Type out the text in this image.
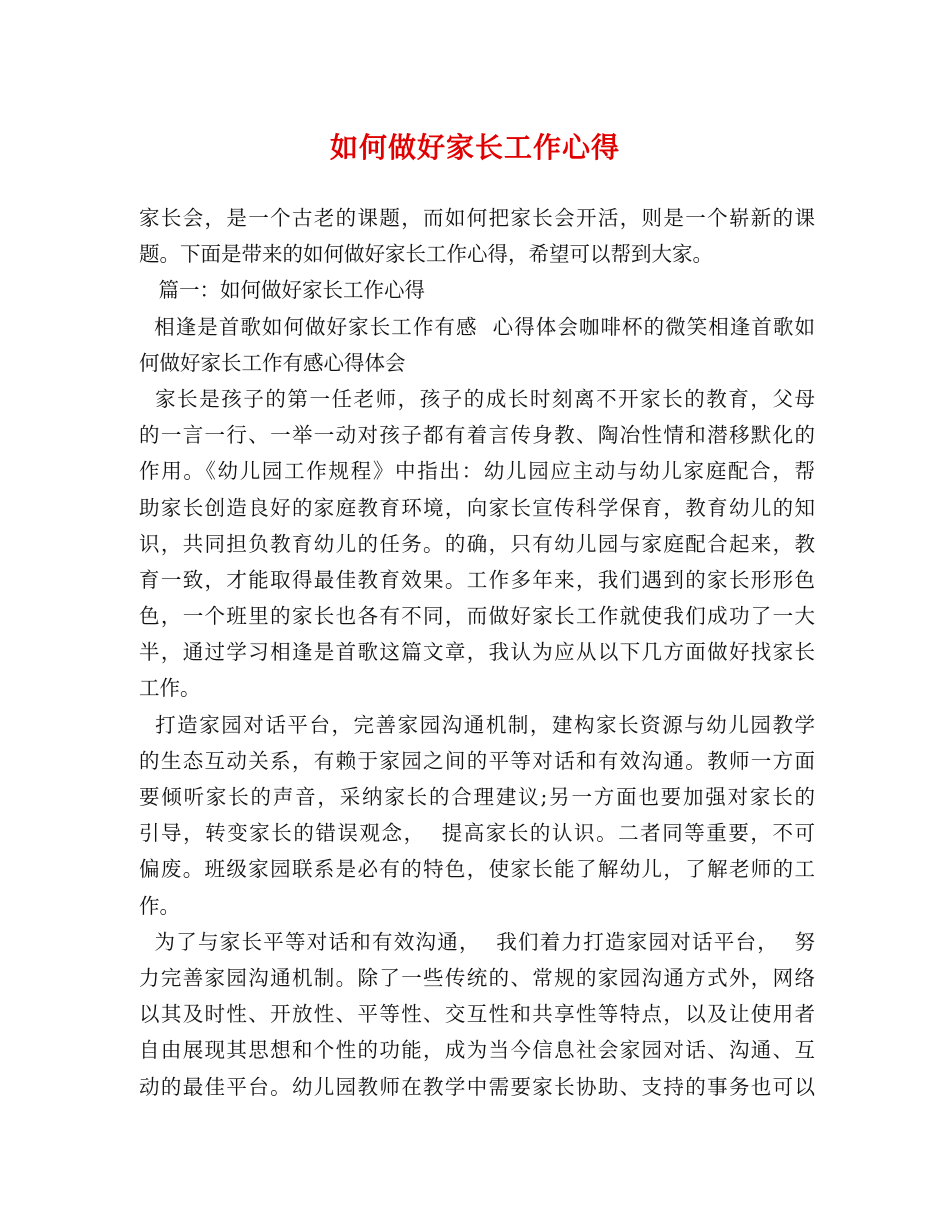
如何做好家长工作心得
家长会，是一个古老的课题，而如何把家长会开活，则是一个崭新的课
题。下面是带来的如何做好家长工作心得，希望可以帮到大家。
篇一：如何做好家长工作心得
相逢是首歌如何做好家长工作有感  心得体会咖啡杯的微笑相逢首歌如
何做好家长工作有感心得体会
家长是孩子的第一任老师，孩子的成长时刻离不开家长的教育，父母
的一言一行、一举一动对孩子都有着言传身教、陶冶性情和潜移默化的
作用。《幼儿园工作规程》中指出：幼儿园应主动与幼儿家庭配合，帮
助家长创造良好的家庭教育环境，向家长宣传科学保育，教育幼儿的知
识，共同担负教育幼儿的任务。的确，只有幼儿园与家庭配合起来，教
育一致，才能取得最佳教育效果。工作多年来，我们遇到的家长形形色
色，一个班里的家长也各有不同，而做好家长工作就使我们成功了一大
半，通过学习相逢是首歌这篇文章，我认为应从以下几方面做好找家长
工作。
打造家园对话平台，完善家园沟通机制，建构家长资源与幼儿园教学
的生态互动关系，有赖于家园之间的平等对话和有效沟通。教师一方面
要倾听家长的声音，采纳家长的合理建议;另一方面也要加强对家长的
引导，转变家长的错误观念，  提高家长的认识。二者同等重要，不可
偏废。班级家园联系是必有的特色，使家长能了解幼儿，了解老师的工
作。
为了与家长平等对话和有效沟通，  我们着力打造家园对话平台，  努
力完善家园沟通机制。除了一些传统的、常规的家园沟通方式外，网络
以其及时性、开放性、平等性、交互性和共享性等特点，以及让使用者
自由展现其思想和个性的功能，成为当今信息社会家园对话、沟通、互
动的最佳平台。幼儿园教师在教学中需要家长协助、支持的事务也可以
